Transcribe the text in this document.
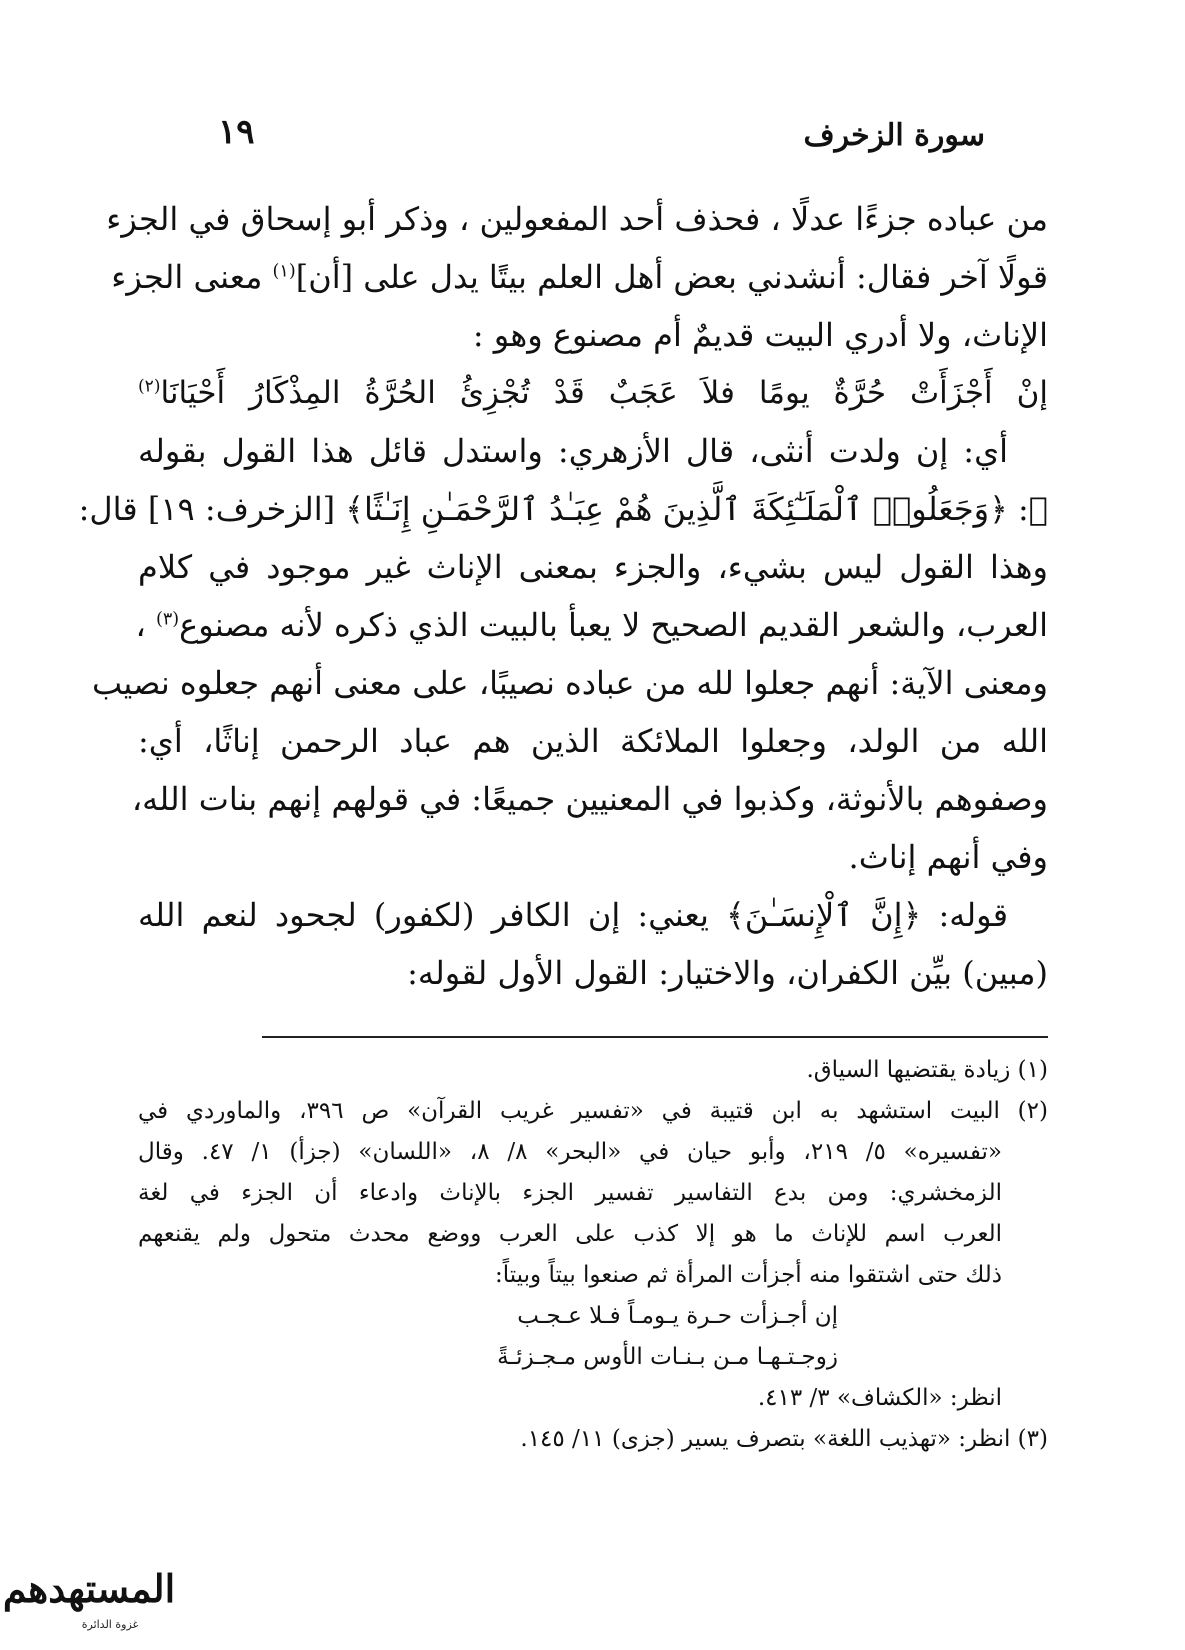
سورة الزخرف
١٩
من عباده جزءًا عدلًا ، فحذف أحد المفعولين ، وذكر أبو إسحاق في الجزء
قولًا آخر فقال: أنشدني بعض أهل العلم بيتًا يدل على [أن]$^{(١)}$ معنى الجزء
الإناث، ولا أدري البيت قديمٌ أم مصنوع وهو :
إنْ أَجْزَأَتْ حُرَّةٌ يومًا فلاَ عَجَبٌ قَدْ تُجْزِئُ الحُرَّةُ المِذْكَارُ أَحْيَانَا$^{(٢)}$
أي: إن ولدت أنثى، قال الأزهري: واستدل قائل هذا القول بقوله
ﷺ: ﴿وَجَعَلُوا۟ ٱلْمَلَـٰٓئِكَةَ ٱلَّذِينَ هُمْ عِبَـٰدُ ٱلرَّحْمَـٰنِ إِنَـٰثًا﴾ [الزخرف: ١٩] قال:
وهذا القول ليس بشيء، والجزء بمعنى الإناث غير موجود في كلام
العرب، والشعر القديم الصحيح لا يعبأ بالبيت الذي ذكره لأنه مصنوع$^{(٣)}$ ،
ومعنى الآية: أنهم جعلوا لله من عباده نصيبًا، على معنى أنهم جعلوه نصيب
الله من الولد، وجعلوا الملائكة الذين هم عباد الرحمن إناثًا، أي:
وصفوهم بالأنوثة، وكذبوا في المعنيين جميعًا: في قولهم إنهم بنات الله،
وفي أنهم إناث.
قوله: ﴿إِنَّ ٱلْإِنسَـٰنَ﴾ يعني: إن الكافر (لكفور) لجحود لنعم الله
(مبين) بيِّن الكفران، والاختيار: القول الأول لقوله:
(١) زيادة يقتضيها السياق.
(٢) البيت استشهد به ابن قتيبة في «تفسير غريب القرآن» ص ٣٩٦، والماوردي في
«تفسيره» ٥/ ٢١٩، وأبو حيان في «البحر» ٨/ ٨، «اللسان» (جزأ) ١/ ٤٧. وقال
الزمخشري: ومن بدع التفاسير تفسير الجزء بالإناث وادعاء أن الجزء في لغة
العرب اسم للإناث ما هو إلا كذب على العرب ووضع محدث متحول ولم يقنعهم
ذلك حتى اشتقوا منه أجزأت المرأة ثم صنعوا بيتاً وبيتاً:
إن أجـزأت حـرة يـومـاً فـلا عـجـب
زوجـتـهـا مـن بـنـات الأوس مـجـزئـةً
انظر: «الكشاف» ٣/ ٤١٣.
(٣) انظر: «تهذيب اللغة» بتصرف يسير (جزى) ١١/ ١٤٥.
المستهدهم
غزوة الدائرة
